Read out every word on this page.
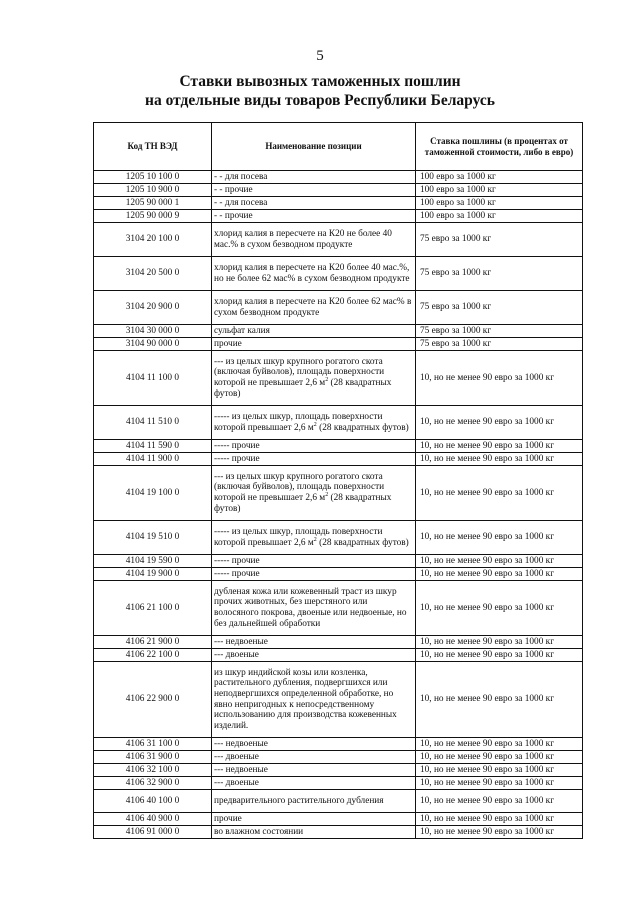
5
Ставки вывозных таможенных пошлин
на отдельные виды товаров Республики Беларусь
Код ТН ВЭД	Наименование позиции	Ставка пошлины (в процентах от таможенной стоимости, либо в евро)
1205 10 100 0	- - для посева	100 евро за 1000 кг
1205 10 900 0	- - прочие	100 евро за 1000 кг
1205 90 000 1	- - для посева	100 евро за 1000 кг
1205 90 000 9	- - пpочие	100 евро за 1000 кг
3104 20 100 0	хлорид калия в пересчете на К20 не более 40 мас.% в сухом безводном продукте	75 евро за 1000 кг
3104 20 500 0	хлорид калия в пересчете на К20 более 40 мас.%, но не более 62 мас% в сухом безводном продукте	75 евро за 1000 кг
3104 20 900 0	хлорид калия в пересчете на К20 более 62 мас% в сухом безводном продукте	75 евро за 1000 кг
3104 30 000 0	сульфат калия	75 евро за 1000 кг
3104 90 000 0	прочие	75 евро за 1000 кг
4104 11 100 0	--- из целых шкур крупного рогатого скота (включая буйволов), площадь поверхности которой не превышает 2,6 $м^2$ (28 квадратных футов)	10, но не менее 90 евро за 1000 кг
4104 11 510 0	----- из целых шкур, площадь поверхности которой превышает 2,6 $м^2$ (28 квадратных футов)	10, но не менее 90 евро за 1000 кг
4104 11 590 0	----- прочие	10, но не менее 90 евро за 1000 кг
4104 11 900 0	----- прочие	10, но не менее 90 евро за 1000 кг
4104 19 100 0	--- из целых шкур крупного рогатого скота (включая буйволов), площадь поверхности которой не превышает 2,6 $м^2$ (28 квадратных футов)	10, но не менее 90 евро за 1000 кг
4104 19 510 0	----- из целых шкур, площадь поверхности которой превышает 2,6 $м^2$ (28 квадратных футов)	10, но не менее 90 евро за 1000 кг
4104 19 590 0	----- прочие	10, но не менее 90 евро за 1000 кг
4104 19 900 0	----- прочие	10, но не менее 90 евро за 1000 кг
4106 21 100 0	дубленая кожа или кожевенный траст из шкур прочих животных, без шерстяного или волосяного покрова, двоеные или недвоеные, но без дальнейшей обработки	10, но не менее 90 евро за 1000 кг
4106 21 900 0	--- недвоеные	10, но не менее 90 евро за 1000 кг
4106 22 100 0	--- двоеные	10, но не менее 90 евро за 1000 кг
4106 22 900 0	из шкур индийской козы или козленка, растительного дубления, подвергшихся или неподвергшихся определенной обработке, но явно непригодных к непосредственному использованию для производства кожевенных изделий.	10, но не менее 90 евро за 1000 кг
4106 31 100 0	--- недвоеные	10, но не менее 90 евро за 1000 кг
4106 31 900 0	--- двоеные	10, но не менее 90 евро за 1000 кг
4106 32 100 0	--- недвоеные	10, но не менее 90 евро за 1000 кг
4106 32 900 0	--- двоеные	10, но не менее 90 евро за 1000 кг
4106 40 100 0	предварительного растительного дубления	10, но не менее 90 евро за 1000 кг
4106 40 900 0	прочие	10, но не менее 90 евро за 1000 кг
4106 91 000 0	во влажном состоянии	10, но не менее 90 евро за 1000 кг
